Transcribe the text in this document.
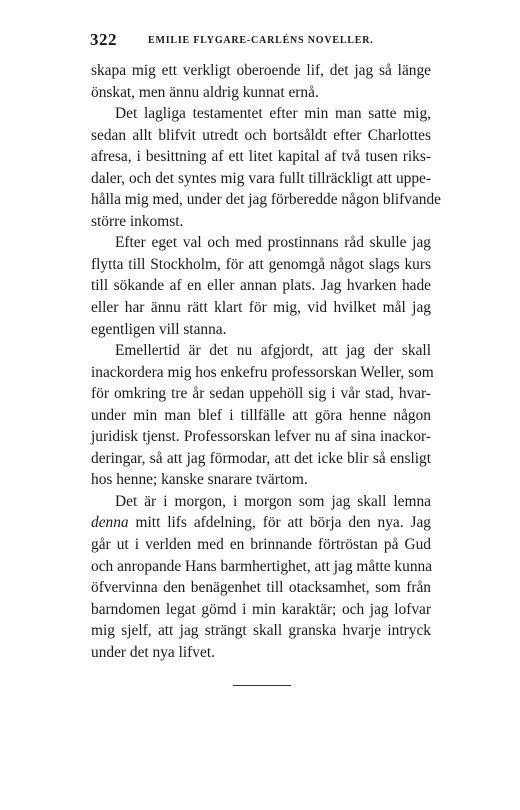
322	EMILIE FLYGARE-CARLÉNS NOVELLER.
skapa mig ett verkligt oberoende lif, det jag så länge
önskat, men ännu aldrig kunnat ernå.
Det lagliga testamentet efter min man satte mig,
sedan allt blifvit utredt och bortsåldt efter Charlottes
afresa, i besittning af ett litet kapital af två tusen riks-
daler, och det syntes mig vara fullt tillräckligt att uppe-
hålla mig med, under det jag förberedde någon blifvande
större inkomst.
Efter eget val och med prostinnans råd skulle jag
flytta till Stockholm, för att genomgå något slags kurs
till sökande af en eller annan plats. Jag hvarken hade
eller har ännu rätt klart för mig, vid hvilket mål jag
egentligen vill stanna.
Emellertid är det nu afgjordt, att jag der skall
inackordera mig hos enkefru professorskan Weller, som
för omkring tre år sedan uppehöll sig i vår stad, hvar-
under min man blef i tillfälle att göra henne någon
juridisk tjenst. Professorskan lefver nu af sina inackor-
deringar, så att jag förmodar, att det icke blir så ensligt
hos henne; kanske snarare tvärtom.
Det är i morgon, i morgon som jag skall lemna
denna mitt lifs afdelning, för att börja den nya. Jag
går ut i verlden med en brinnande förtröstan på Gud
och anropande Hans barmhertighet, att jag måtte kunna
öfvervinna den benägenhet till otacksamhet, som från
barndomen legat gömd i min karaktär; och jag lofvar
mig sjelf, att jag strängt skall granska hvarje intryck
under det nya lifvet.
